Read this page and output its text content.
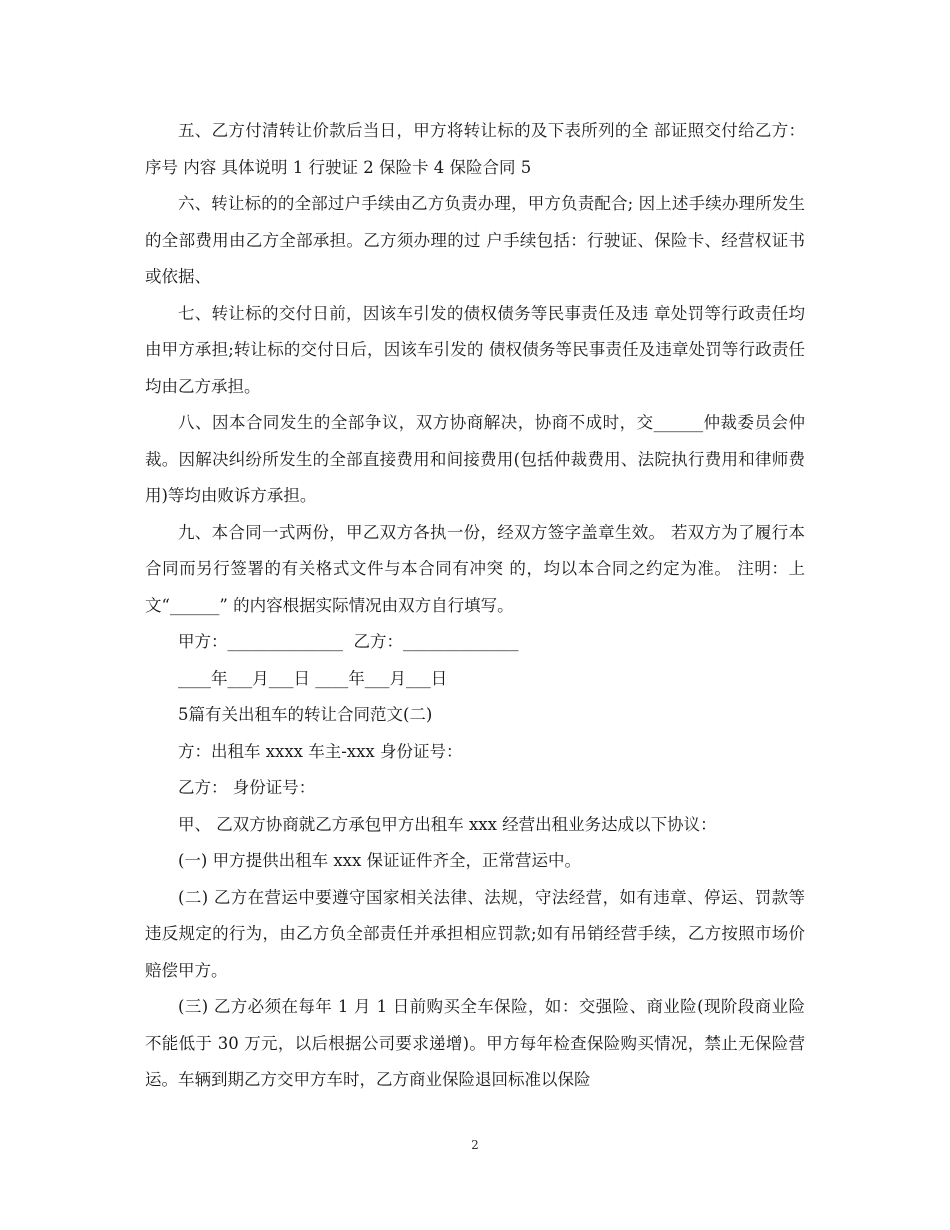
五、乙方付清转让价款后当日，甲方将转让标的及下表所列的全 部证照交付给乙方： 序号 内容 具体说明 1 行驶证 2 保险卡 4 保险合同 5

六、转让标的的全部过户手续由乙方负责办理，甲方负责配合; 因上述手续办理所发生的全部费用由乙方全部承担。乙方须办理的过 户手续包括：行驶证、保险卡、经营权证书或依据、

七、转让标的交付日前，因该车引发的债权债务等民事责任及违 章处罚等行政责任均由甲方承担;转让标的交付日后，因该车引发的 债权债务等民事责任及违章处罚等行政责任均由乙方承担。

八、因本合同发生的全部争议，双方协商解决，协商不成时，交______仲裁委员会仲裁。因解决纠纷所发生的全部直接费用和间接费用(包括仲裁费用、法院执行费用和律师费用)等均由败诉方承担。

九、本合同一式两份，甲乙双方各执一份，经双方签字盖章生效。 若双方为了履行本合同而另行签署的有关格式文件与本合同有冲突 的，均以本合同之约定为准。 注明：上文“______” 的内容根据实际情况由双方自行填写。

甲方：______________  乙方：______________

____年___月___日 ____年___月___日

5篇有关出租车的转让合同范文(二)

方：出租车 xxxx 车主-xxx 身份证号：

乙方： 身份证号：

甲、 乙双方协商就乙方承包甲方出租车 xxx 经营出租业务达成以下协议：

(一) 甲方提供出租车 xxx 保证证件齐全，正常营运中。

(二) 乙方在营运中要遵守国家相关法律、法规，守法经营，如有违章、停运、罚款等违反规定的行为，由乙方负全部责任并承担相应罚款;如有吊销经营手续，乙方按照市场价赔偿甲方。

(三) 乙方必须在每年 1 月 1 日前购买全车保险，如：交强险、商业险(现阶段商业险不能低于 30 万元，以后根据公司要求递增)。甲方每年检查保险购买情况，禁止无保险营运。车辆到期乙方交甲方车时，乙方商业保险退回标准以保险

2
